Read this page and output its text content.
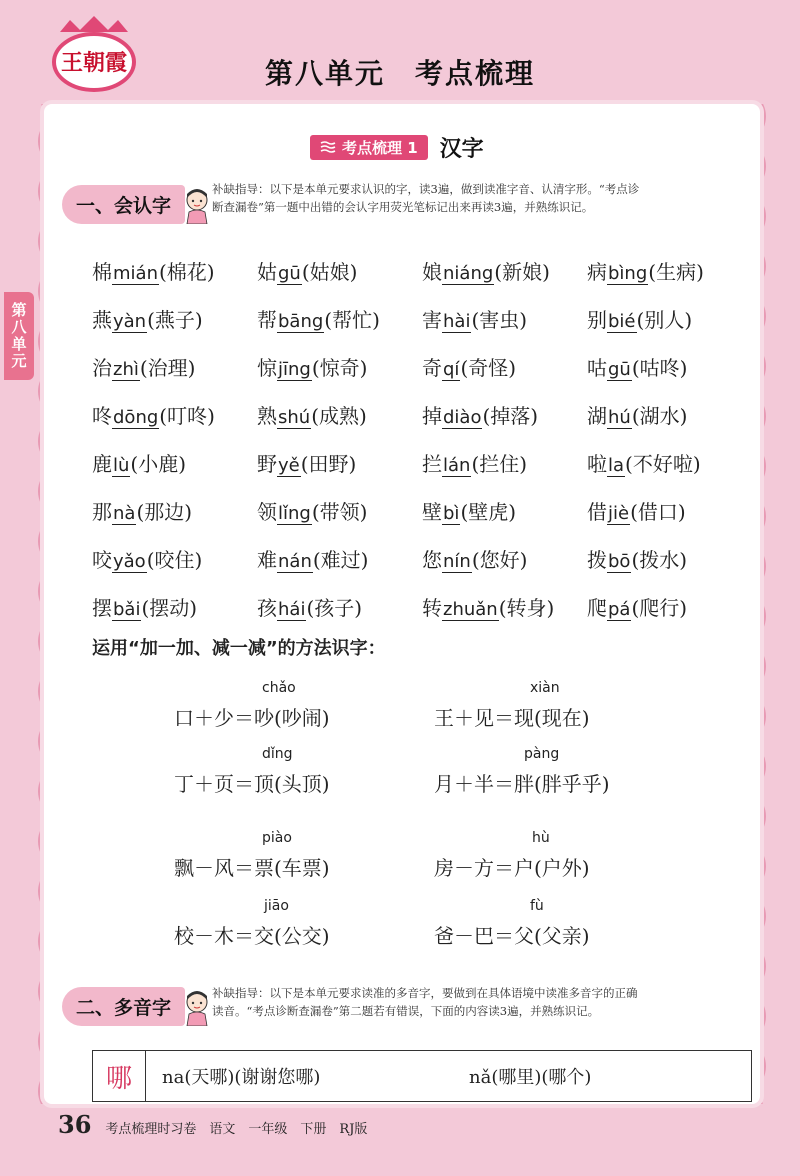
王朝霞	第八单元　考点梳理
第八单元
考点梳理 1 汉字
一、会认字
补缺指导：以下是本单元要求认识的字，读3遍，做到读准字音、认清字形。“考点诊
断查漏卷”第一题中出错的会认字用荧光笔标记出来再读3遍，并熟练识记。
棉mián(棉花)	姑gū(姑娘)	娘niáng(新娘)	病bìng(生病)
燕yàn(燕子)	帮bāng(帮忙)	害hài(害虫)	别bié(别人)
治zhì(治理)	惊jīng(惊奇)	奇qí(奇怪)	咕gū(咕咚)
咚dōng(叮咚)	熟shú(成熟)	掉diào(掉落)	湖hú(湖水)
鹿lù(小鹿)	野yě(田野)	拦lán(拦住)	啦la(不好啦)
那nà(那边)	领lǐng(带领)	壁bì(壁虎)	借jiè(借口)
咬yǎo(咬住)	难nán(难过)	您nín(您好)	拨bō(拨水)
摆bǎi(摆动)	孩hái(孩子)	转zhuǎn(转身)	爬pá(爬行)
运用“加一加、减一减”的方法识字：
chǎo
口＋少＝吵(吵闹)
xiàn
王＋见＝现(现在)
dǐng
丁＋页＝顶(头顶)
pàng
月＋半＝胖(胖乎乎)
piào
飘－风＝票(车票)
hù
房－方＝户(户外)
jiāo
校－木＝交(公交)
fù
爸－巴＝父(父亲)
二、多音字
补缺指导：以下是本单元要求读准的多音字，要做到在具体语境中读准多音字的正确
读音。“考点诊断查漏卷”第二题若有错误，下面的内容读3遍，并熟练识记。
哪	na(天哪)(谢谢您哪)	nǎ(哪里)(哪个)
36 考点梳理时习卷　语文　一年级　下册　RJ版
